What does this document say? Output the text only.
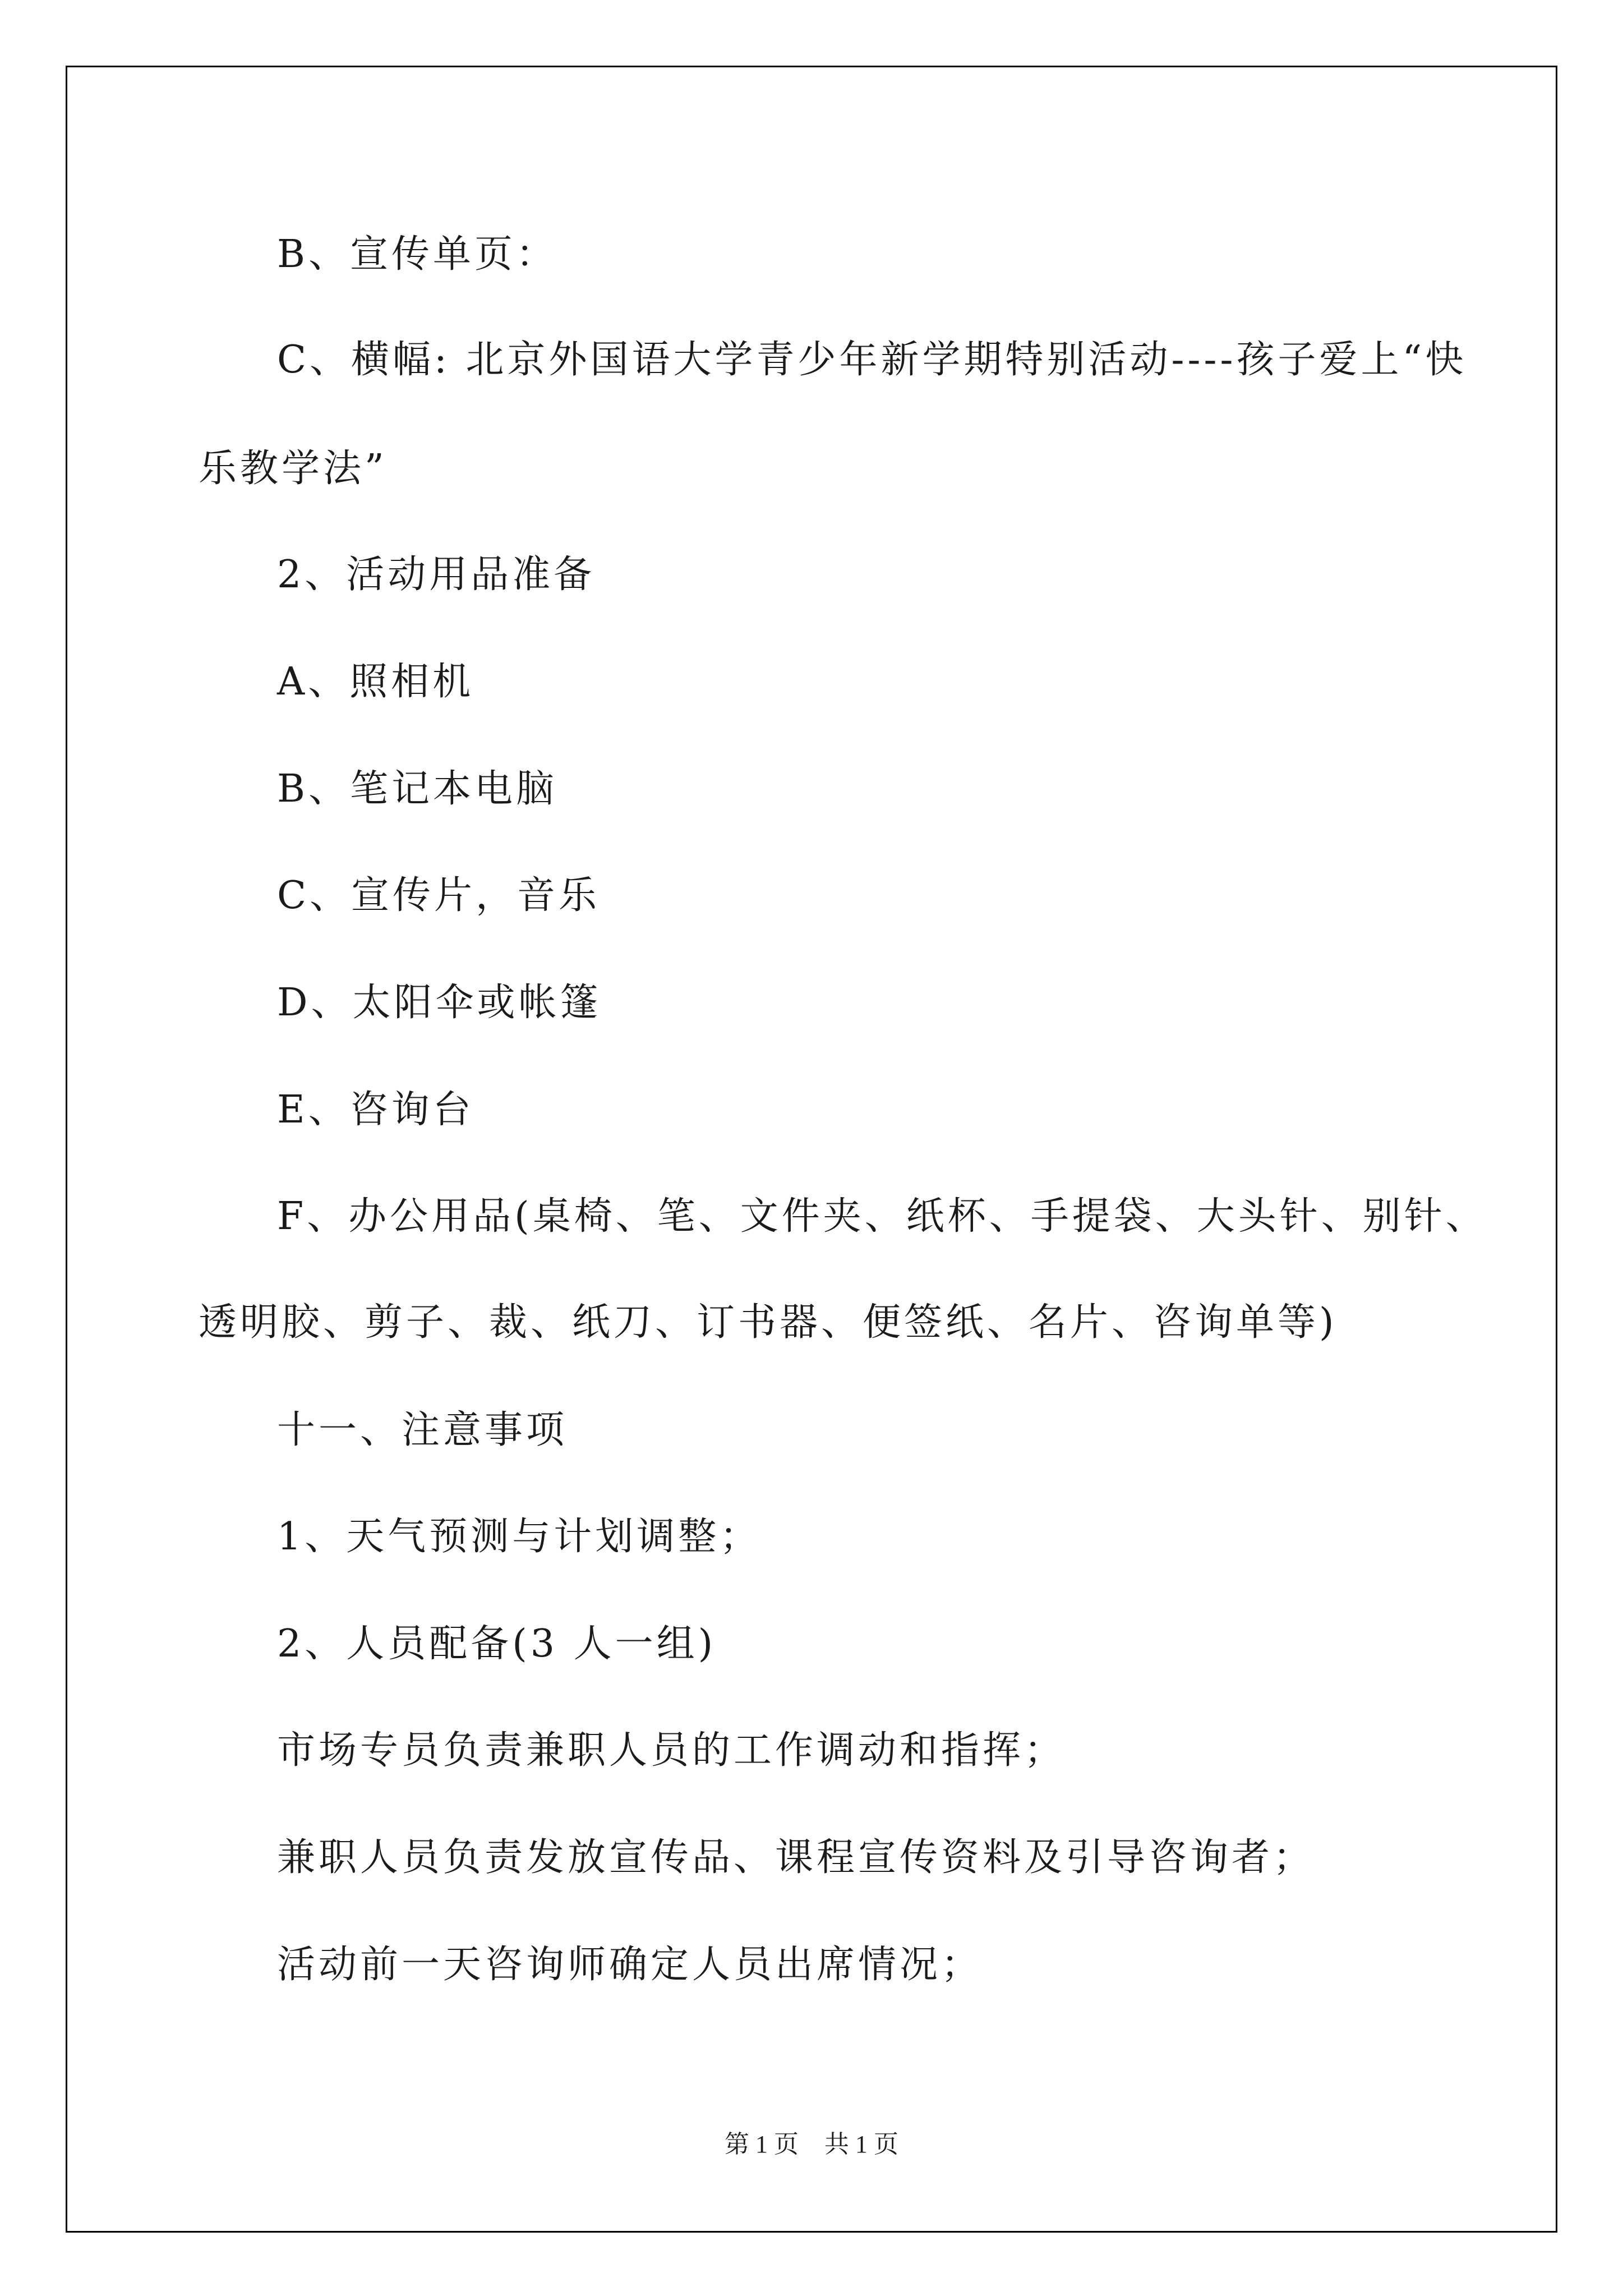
B、宣传单页：
C、横幅: 北京外国语大学青少年新学期特别活动----孩子爱上“快
乐教学法”
2、活动用品准备
A、照相机
B、笔记本电脑
C、宣传片，音乐
D、太阳伞或帐篷
E、咨询台
F、办公用品(桌椅、笔、文件夹、纸杯、手提袋、大头针、别针、
透明胶、剪子、裁、纸刀、订书器、便签纸、名片、咨询单等)
十一、注意事项
1、天气预测与计划调整；
2、人员配备(3 人一组)
市场专员负责兼职人员的工作调动和指挥；
兼职人员负责发放宣传品、课程宣传资料及引导咨询者；
活动前一天咨询师确定人员出席情况；
第 1 页 共 1 页
